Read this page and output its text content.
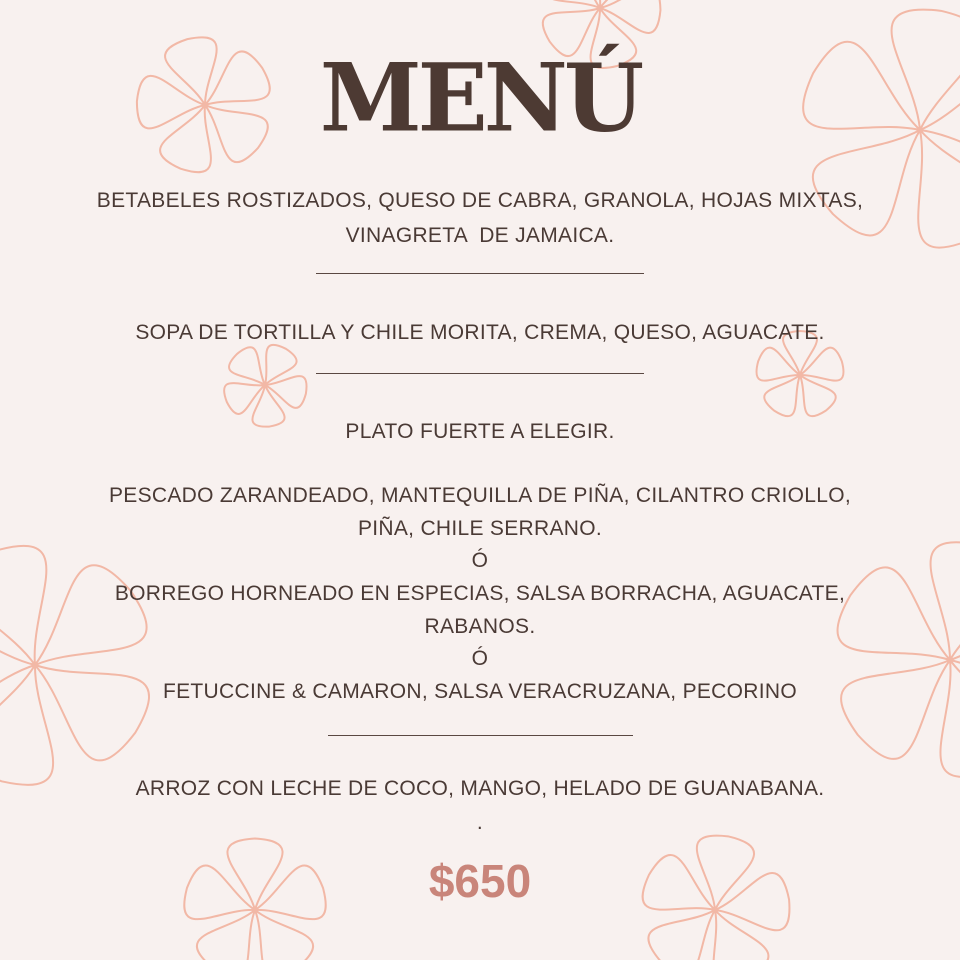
MENÚ
BETABELES ROSTIZADOS, QUESO DE CABRA, GRANOLA, HOJAS MIXTAS,
VINAGRETA  DE JAMAICA.
SOPA DE TORTILLA Y CHILE MORITA, CREMA, QUESO, AGUACATE.
PLATO FUERTE A ELEGIR.
PESCADO ZARANDEADO, MANTEQUILLA DE PIÑA, CILANTRO CRIOLLO,
PIÑA, CHILE SERRANO.
Ó
BORREGO HORNEADO EN ESPECIAS, SALSA BORRACHA, AGUACATE,
RABANOS.
Ó
FETUCCINE & CAMARON, SALSA VERACRUZANA, PECORINO
ARROZ CON LECHE DE COCO, MANGO, HELADO DE GUANABANA.
.
$650
